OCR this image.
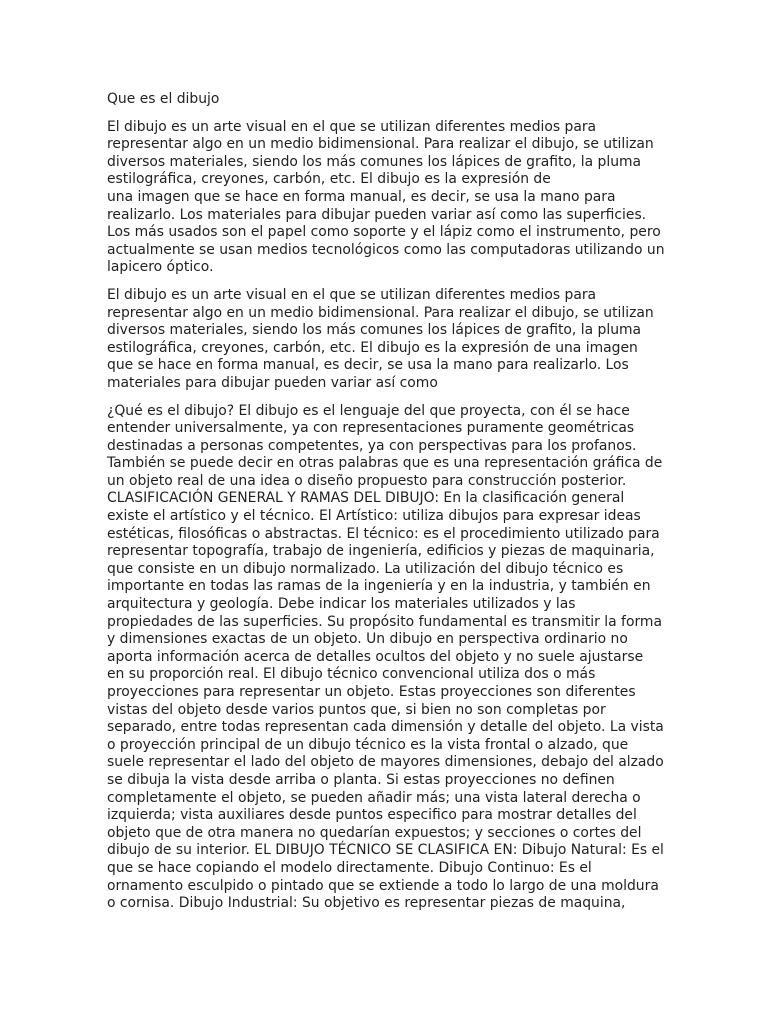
Que es el dibujo
El dibujo es un arte visual en el que se utilizan diferentes medios para
representar algo en un medio bidimensional. Para realizar el dibujo, se utilizan
diversos materiales, siendo los más comunes los lápices de grafito, la pluma
estilográfica, creyones, carbón, etc. El dibujo es la expresión de
una imagen que se hace en forma manual, es decir, se usa la mano para
realizarlo. Los materiales para dibujar pueden variar así como las superficies.
Los más usados son el papel como soporte y el lápiz como el instrumento, pero
actualmente se usan medios tecnológicos como las computadoras utilizando un
lapicero óptico.
El dibujo es un arte visual en el que se utilizan diferentes medios para
representar algo en un medio bidimensional. Para realizar el dibujo, se utilizan
diversos materiales, siendo los más comunes los lápices de grafito, la pluma
estilográfica, creyones, carbón, etc. El dibujo es la expresión de una imagen
que se hace en forma manual, es decir, se usa la mano para realizarlo. Los
materiales para dibujar pueden variar así como
¿Qué es el dibujo? El dibujo es el lenguaje del que proyecta, con él se hace
entender universalmente, ya con representaciones puramente geométricas
destinadas a personas competentes, ya con perspectivas para los profanos.
También se puede decir en otras palabras que es una representación gráfica de
un objeto real de una idea o diseño propuesto para construcción posterior.
CLASIFICACIÓN GENERAL Y RAMAS DEL DIBUJO: En la clasificación general
existe el artístico y el técnico. El Artístico: utiliza dibujos para expresar ideas
estéticas, filosóficas o abstractas. El técnico: es el procedimiento utilizado para
representar topografía, trabajo de ingeniería, edificios y piezas de maquinaria,
que consiste en un dibujo normalizado. La utilización del dibujo técnico es
importante en todas las ramas de la ingeniería y en la industria, y también en
arquitectura y geología. Debe indicar los materiales utilizados y las
propiedades de las superficies. Su propósito fundamental es transmitir la forma
y dimensiones exactas de un objeto. Un dibujo en perspectiva ordinario no
aporta información acerca de detalles ocultos del objeto y no suele ajustarse
en su proporción real. El dibujo técnico convencional utiliza dos o más
proyecciones para representar un objeto. Estas proyecciones son diferentes
vistas del objeto desde varios puntos que, si bien no son completas por
separado, entre todas representan cada dimensión y detalle del objeto. La vista
o proyección principal de un dibujo técnico es la vista frontal o alzado, que
suele representar el lado del objeto de mayores dimensiones, debajo del alzado
se dibuja la vista desde arriba o planta. Si estas proyecciones no definen
completamente el objeto, se pueden añadir más; una vista lateral derecha o
izquierda; vista auxiliares desde puntos especifico para mostrar detalles del
objeto que de otra manera no quedarían expuestos; y secciones o cortes del
dibujo de su interior. EL DIBUJO TÉCNICO SE CLASIFICA EN: Dibujo Natural: Es el
que se hace copiando el modelo directamente. Dibujo Continuo: Es el
ornamento esculpido o pintado que se extiende a todo lo largo de una moldura
o cornisa. Dibujo Industrial: Su objetivo es representar piezas de maquina,
